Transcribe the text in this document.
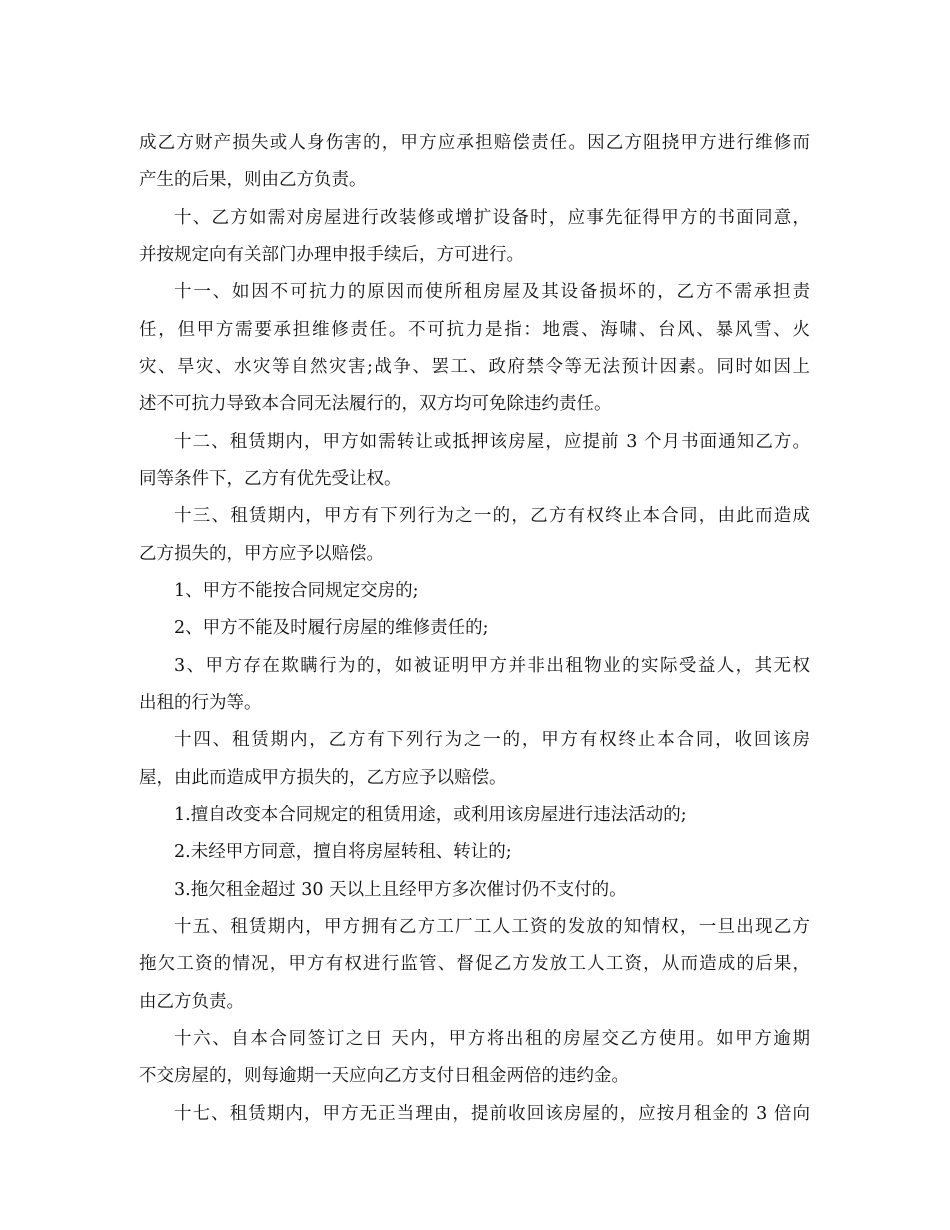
成乙方财产损失或人身伤害的，甲方应承担赔偿责任。因乙方阻挠甲方进行维修而
产生的后果，则由乙方负责。
十、乙方如需对房屋进行改装修或增扩设备时，应事先征得甲方的书面同意，
并按规定向有关部门办理申报手续后，方可进行。
十一、如因不可抗力的原因而使所租房屋及其设备损坏的，乙方不需承担责
任，但甲方需要承担维修责任。不可抗力是指：地震、海啸、台风、暴风雪、火
灾、旱灾、水灾等自然灾害;战争、罢工、政府禁令等无法预计因素。同时如因上
述不可抗力导致本合同无法履行的，双方均可免除违约责任。
十二、租赁期内，甲方如需转让或抵押该房屋，应提前 3 个月书面通知乙方。
同等条件下，乙方有优先受让权。
十三、租赁期内，甲方有下列行为之一的，乙方有权终止本合同，由此而造成
乙方损失的，甲方应予以赔偿。
1、甲方不能按合同规定交房的;
2、甲方不能及时履行房屋的维修责任的;
3、甲方存在欺瞒行为的，如被证明甲方并非出租物业的实际受益人，其无权
出租的行为等。
十四、租赁期内，乙方有下列行为之一的，甲方有权终止本合同，收回该房
屋，由此而造成甲方损失的，乙方应予以赔偿。
1.擅自改变本合同规定的租赁用途，或利用该房屋进行违法活动的;
2.未经甲方同意，擅自将房屋转租、转让的;
3.拖欠租金超过 30 天以上且经甲方多次催讨仍不支付的。
十五、租赁期内，甲方拥有乙方工厂工人工资的发放的知情权，一旦出现乙方
拖欠工资的情况，甲方有权进行监管、督促乙方发放工人工资，从而造成的后果，
由乙方负责。
十六、自本合同签订之日 天内，甲方将出租的房屋交乙方使用。如甲方逾期
不交房屋的，则每逾期一天应向乙方支付日租金两倍的违约金。
十七、租赁期内，甲方无正当理由，提前收回该房屋的，应按月租金的 3 倍向
